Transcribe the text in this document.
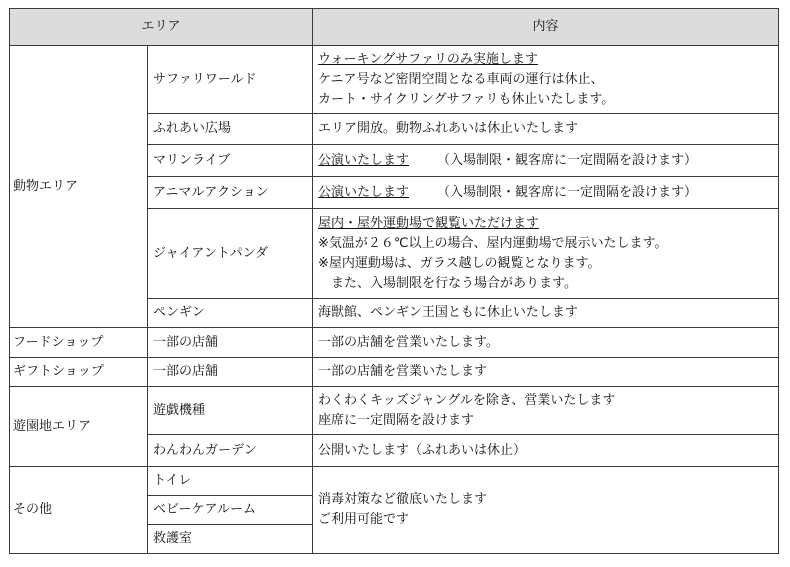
エリア		内容
動物エリア	サファリワールド	ウォーキングサファリのみ実施します
ケニア号など密閉空間となる車両の運行は休止、
カート・サイクリングサファリも休止いたします。

	ふれあい広場	エリア開放。動物ふれあいは休止いたします
	マリンライブ	公演いたします （入場制限・観客席に一定間隔を設けます）
	アニマルアクション	公演いたします （入場制限・観客席に一定間隔を設けます）
	ジャイアントパンダ	屋内・屋外運動場で観覧いただけます
※気温が２６℃以上の場合、屋内運動場で展示いたします。
※屋内運動場は、ガラス越しの観覧となります。
　また、入場制限を行なう場合があります。

	ペンギン	海獣館、ペンギン王国ともに休止いたします
フードショップ	一部の店舗	一部の店舗を営業いたします。
ギフトショップ	一部の店舗	一部の店舗を営業いたします
遊園地エリア	遊戯機種	わくわくキッズジャングルを除き、営業いたします
座席に一定間隔を設けます

	わんわんガーデン	公開いたします（ふれあいは休止）
その他	トイレ	消毒対策など徹底いたします
ご利用可能です

	ベビーケアルーム	
	救護室	
